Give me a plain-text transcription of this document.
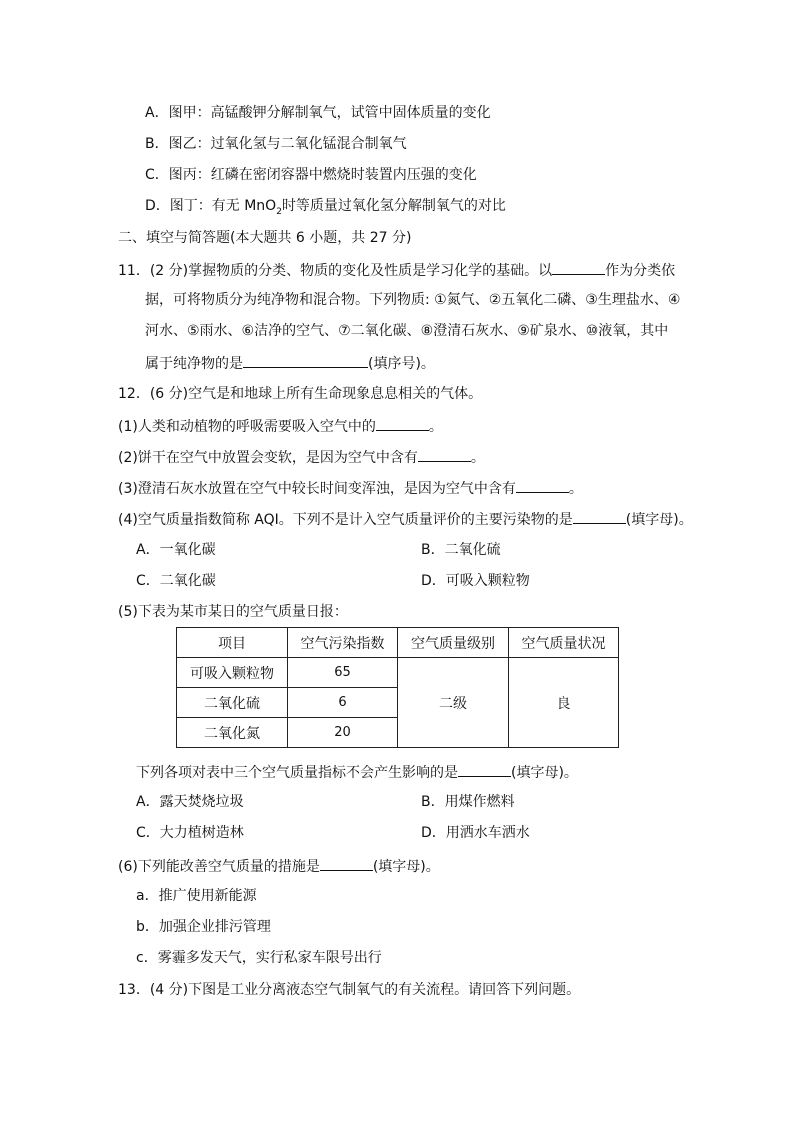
A．图甲：高锰酸钾分解制氧气，试管中固体质量的变化
B．图乙：过氧化氢与二氧化锰混合制氧气
C．图丙：红磷在密闭容器中燃烧时装置内压强的变化
D．图丁：有无 MnO$_2$时等质量过氧化氢分解制氧气的对比
二、填空与简答题(本大题共 6 小题，共 27 分)
11．(2 分)掌握物质的分类、物质的变化及性质是学习化学的基础。以	作为分类依
据，可将物质分为纯净物和混合物。下列物质: ①氮气、②五氧化二磷、③生理盐水、④
河水、⑤雨水、⑥洁净的空气、⑦二氧化碳、⑧澄清石灰水、⑨矿泉水、⑩液氧，其中
属于纯净物的是	(填序号)。
12．(6 分)空气是和地球上所有生命现象息息相关的气体。
(1)人类和动植物的呼吸需要吸入空气中的	。
(2)饼干在空气中放置会变软，是因为空气中含有	。
(3)澄清石灰水放置在空气中较长时间变浑浊，是因为空气中含有	。
(4)空气质量指数简称 AQI。下列不是计入空气质量评价的主要污染物的是	(填字母)。
A．一氧化碳	B．二氧化硫
C．二氧化碳	D．可吸入颗粒物
(5)下表为某市某日的空气质量日报：
项目	空气污染指数	空气质量级别	空气质量状况
可吸入颗粒物	65	二级	良
二氧化硫	6		
二氧化氮	20		
下列各项对表中三个空气质量指标不会产生影响的是	(填字母)。
A．露天焚烧垃圾	B．用煤作燃料
C．大力植树造林	D．用洒水车洒水
(6)下列能改善空气质量的措施是	(填字母)。
a．推广使用新能源
b．加强企业排污管理
c．雾霾多发天气，实行私家车限号出行
13．(4 分)下图是工业分离液态空气制氧气的有关流程。请回答下列问题。
